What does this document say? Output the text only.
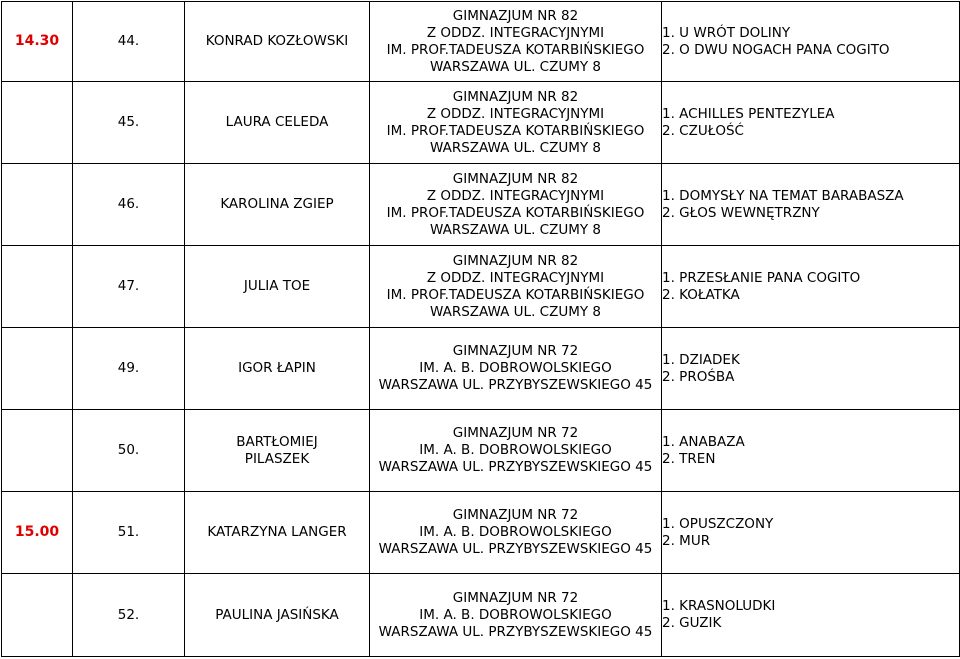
14.30	44.	KONRAD KOZŁOWSKI	GIMNAZJUM NR 82
Z ODDZ. INTEGRACYJNYMI
IM. PROF.TADEUSZA KOTARBIŃSKIEGO
WARSZAWA UL. CZUMY 8	1. U WRÓT DOLINY
2. O DWU NOGACH PANA COGITO

	45.	LAURA CELEDA	GIMNAZJUM NR 82
Z ODDZ. INTEGRACYJNYMI
IM. PROF.TADEUSZA KOTARBIŃSKIEGO
WARSZAWA UL. CZUMY 8	1. ACHILLES PENTEZYLEA
2. CZUŁOŚĆ

	46.	KAROLINA ZGIEP	GIMNAZJUM NR 82
Z ODDZ. INTEGRACYJNYMI
IM. PROF.TADEUSZA KOTARBIŃSKIEGO
WARSZAWA UL. CZUMY 8	1. DOMYSŁY NA TEMAT BARABASZA
2. GŁOS WEWNĘTRZNY

	47.	JULIA TOE	GIMNAZJUM NR 82
Z ODDZ. INTEGRACYJNYMI
IM. PROF.TADEUSZA KOTARBIŃSKIEGO
WARSZAWA UL. CZUMY 8	1. PRZESŁANIE PANA COGITO
2. KOŁATKA

	49.	IGOR ŁAPIN	GIMNAZJUM NR 72
IM. A. B. DOBROWOLSKIEGO
WARSZAWA UL. PRZYBYSZEWSKIEGO 45	1. DZIADEK
2. PROŚBA

	50.	BARTŁOMIEJ
PILASZEK	GIMNAZJUM NR 72
IM. A. B. DOBROWOLSKIEGO
WARSZAWA UL. PRZYBYSZEWSKIEGO 45	1. ANABAZA
2. TREN

15.00	51.	KATARZYNA LANGER	GIMNAZJUM NR 72
IM. A. B. DOBROWOLSKIEGO
WARSZAWA UL. PRZYBYSZEWSKIEGO 45	1. OPUSZCZONY
2. MUR

	52.	PAULINA JASIŃSKA	GIMNAZJUM NR 72
IM. A. B. DOBROWOLSKIEGO
WARSZAWA UL. PRZYBYSZEWSKIEGO 45	1. KRASNOLUDKI
2. GUZIK
